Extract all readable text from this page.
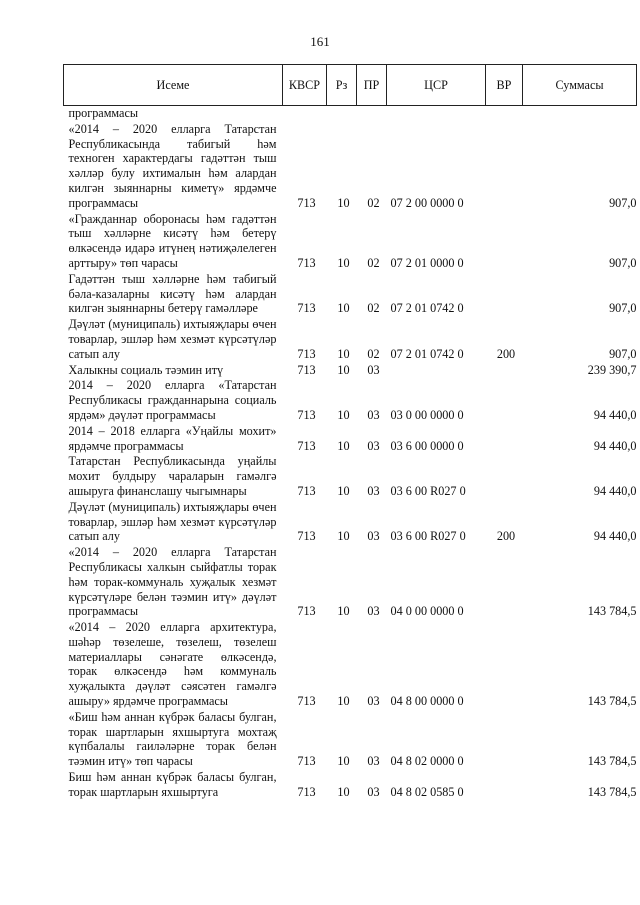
161
Исеме	КВСР	Рз	ПР	ЦСР	ВР	Суммасы
программасы						
«2014 – 2020 елларга Татарстан Республикасында табигый һәм техноген характердагы гадәттән тыш хәлләр булу ихтималын һәм алардан килгән зыяннарны киметү» ярдәмче программасы	713	10	02	07 2 00 0000 0		907,0
«Гражданнар оборонасы һәм гадәттән тыш хәлләрне кисәтү һәм бетерү өлкәсендә идарә итүнең нәтиҗәлелеген арттыру» төп чарасы	713	10	02	07 2 01 0000 0		907,0
Гадәттән тыш хәлләрне һәм табигый бәла-казаларны кисәтү һәм алардан килгән зыяннарны бетерү гамәлләре	713	10	02	07 2 01 0742 0		907,0
Дәүләт (муниципаль) ихтыяҗлары өчен товарлар, эшләр һәм хезмәт күрсәтүләр сатып алу	713	10	02	07 2 01 0742 0	200	907,0
Халыкны социаль тәэмин итү	713	10	03			239 390,7
2014 – 2020 елларга «Татарстан Республикасы гражданнарына социаль ярдәм» дәүләт программасы	713	10	03	03 0 00 0000 0		94 440,0
2014 – 2018 елларга «Уңайлы мохит» ярдәмче программасы	713	10	03	03 6 00 0000 0		94 440,0
Татарстан Республикасында уңайлы мохит булдыру чараларын гамәлгә ашыруга финанслашу чыгымнары	713	10	03	03 6 00 R027 0		94 440,0
Дәүләт (муниципаль) ихтыяҗлары өчен товарлар, эшләр һәм хезмәт күрсәтүләр сатып алу	713	10	03	03 6 00 R027 0	200	94 440,0
«2014 – 2020 елларга Татарстан Республикасы халкын сыйфатлы торак һәм торак-коммуналь хуҗалык хезмәт күрсәтүләре белән тәэмин итү» дәүләт программасы	713	10	03	04 0 00 0000 0		143 784,5
«2014 – 2020 елларга архитектура, шәһәр төзелеше, төзелеш, төзелеш материаллары сәнәгате өлкәсендә, торак өлкәсендә һәм коммуналь хуҗалыкта дәүләт сәясәтен гамәлгә ашыру» ярдәмче программасы	713	10	03	04 8 00 0000 0		143 784,5
«Биш һәм аннан күбрәк баласы булган, торак шартларын яхшыртуга мохтаҗ күпбалалы гаиләләрне торак белән тәэмин итү» төп чарасы	713	10	03	04 8 02 0000 0		143 784,5
Биш һәм аннан күбрәк баласы булган, торак шартларын яхшыртуга	713	10	03	04 8 02 0585 0		143 784,5
